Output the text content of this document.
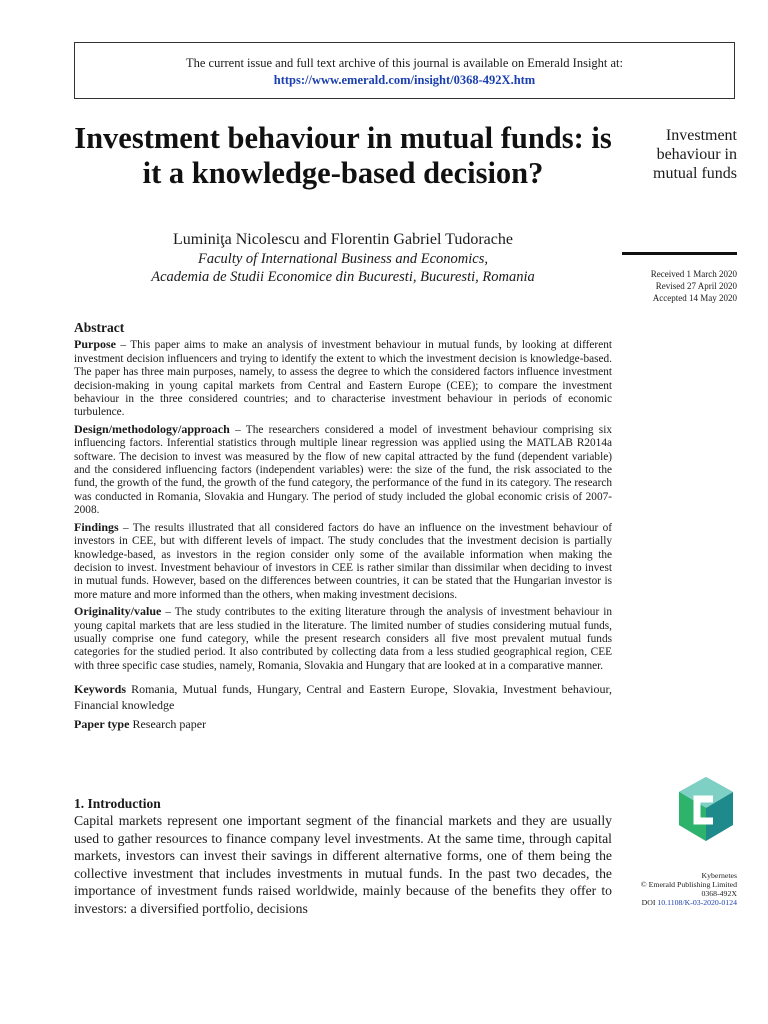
The current issue and full text archive of this journal is available on Emerald Insight at:
https://www.emerald.com/insight/0368-492X.htm
Investment behaviour in mutual funds: is it a knowledge-based decision?
Luminiţa Nicolescu and Florentin Gabriel Tudorache
Faculty of International Business and Economics,
Academia de Studii Economice din Bucuresti, Bucuresti, Romania
Investment behaviour in mutual funds
Received 1 March 2020
Revised 27 April 2020
Accepted 14 May 2020
Abstract

Purpose – This paper aims to make an analysis of investment behaviour in mutual funds, by looking at different investment decision influencers and trying to identify the extent to which the investment decision is knowledge-based. The paper has three main purposes, namely, to assess the degree to which the considered factors influence investment decision-making in young capital markets from Central and Eastern Europe (CEE); to compare the investment behaviour in the three considered countries; and to characterise investment behaviour in periods of economic turbulence.

Design/methodology/approach – The researchers considered a model of investment behaviour comprising six influencing factors. Inferential statistics through multiple linear regression was applied using the MATLAB R2014a software. The decision to invest was measured by the flow of new capital attracted by the fund (dependent variable) and the considered influencing factors (independent variables) were: the size of the fund, the risk associated to the fund, the growth of the fund, the growth of the fund category, the performance of the fund in its category. The research was conducted in Romania, Slovakia and Hungary. The period of study included the global economic crisis of 2007-2008.

Findings – The results illustrated that all considered factors do have an influence on the investment behaviour of investors in CEE, but with different levels of impact. The study concludes that the investment decision is partially knowledge-based, as investors in the region consider only some of the available information when making the decision to invest. Investment behaviour of investors in CEE is rather similar than dissimilar when deciding to invest in mutual funds. However, based on the differences between countries, it can be stated that the Hungarian investor is more mature and more informed than the others, when making investment decisions.

Originality/value – The study contributes to the exiting literature through the analysis of investment behaviour in young capital markets that are less studied in the literature. The limited number of studies considering mutual funds, usually comprise one fund category, while the present research considers all five most prevalent mutual funds categories for the studied period. It also contributed by collecting data from a less studied geographical region, CEE with three specific case studies, namely, Romania, Slovakia and Hungary that are looked at in a comparative manner.

Keywords Romania, Mutual funds, Hungary, Central and Eastern Europe, Slovakia, Investment behaviour, Financial knowledge

Paper type Research paper

1. Introduction

Capital markets represent one important segment of the financial markets and they are usually used to gather resources to finance company level investments. At the same time, through capital markets, investors can invest their savings in different alternative forms, one of them being the collective investment that includes investments in mutual funds. In the past two decades, the importance of investment funds raised worldwide, mainly because of the benefits they offer to investors: a diversified portfolio, decisions

Kybernetes
© Emerald Publishing Limited
0368-492X
DOI 10.1108/K-03-2020-0124
